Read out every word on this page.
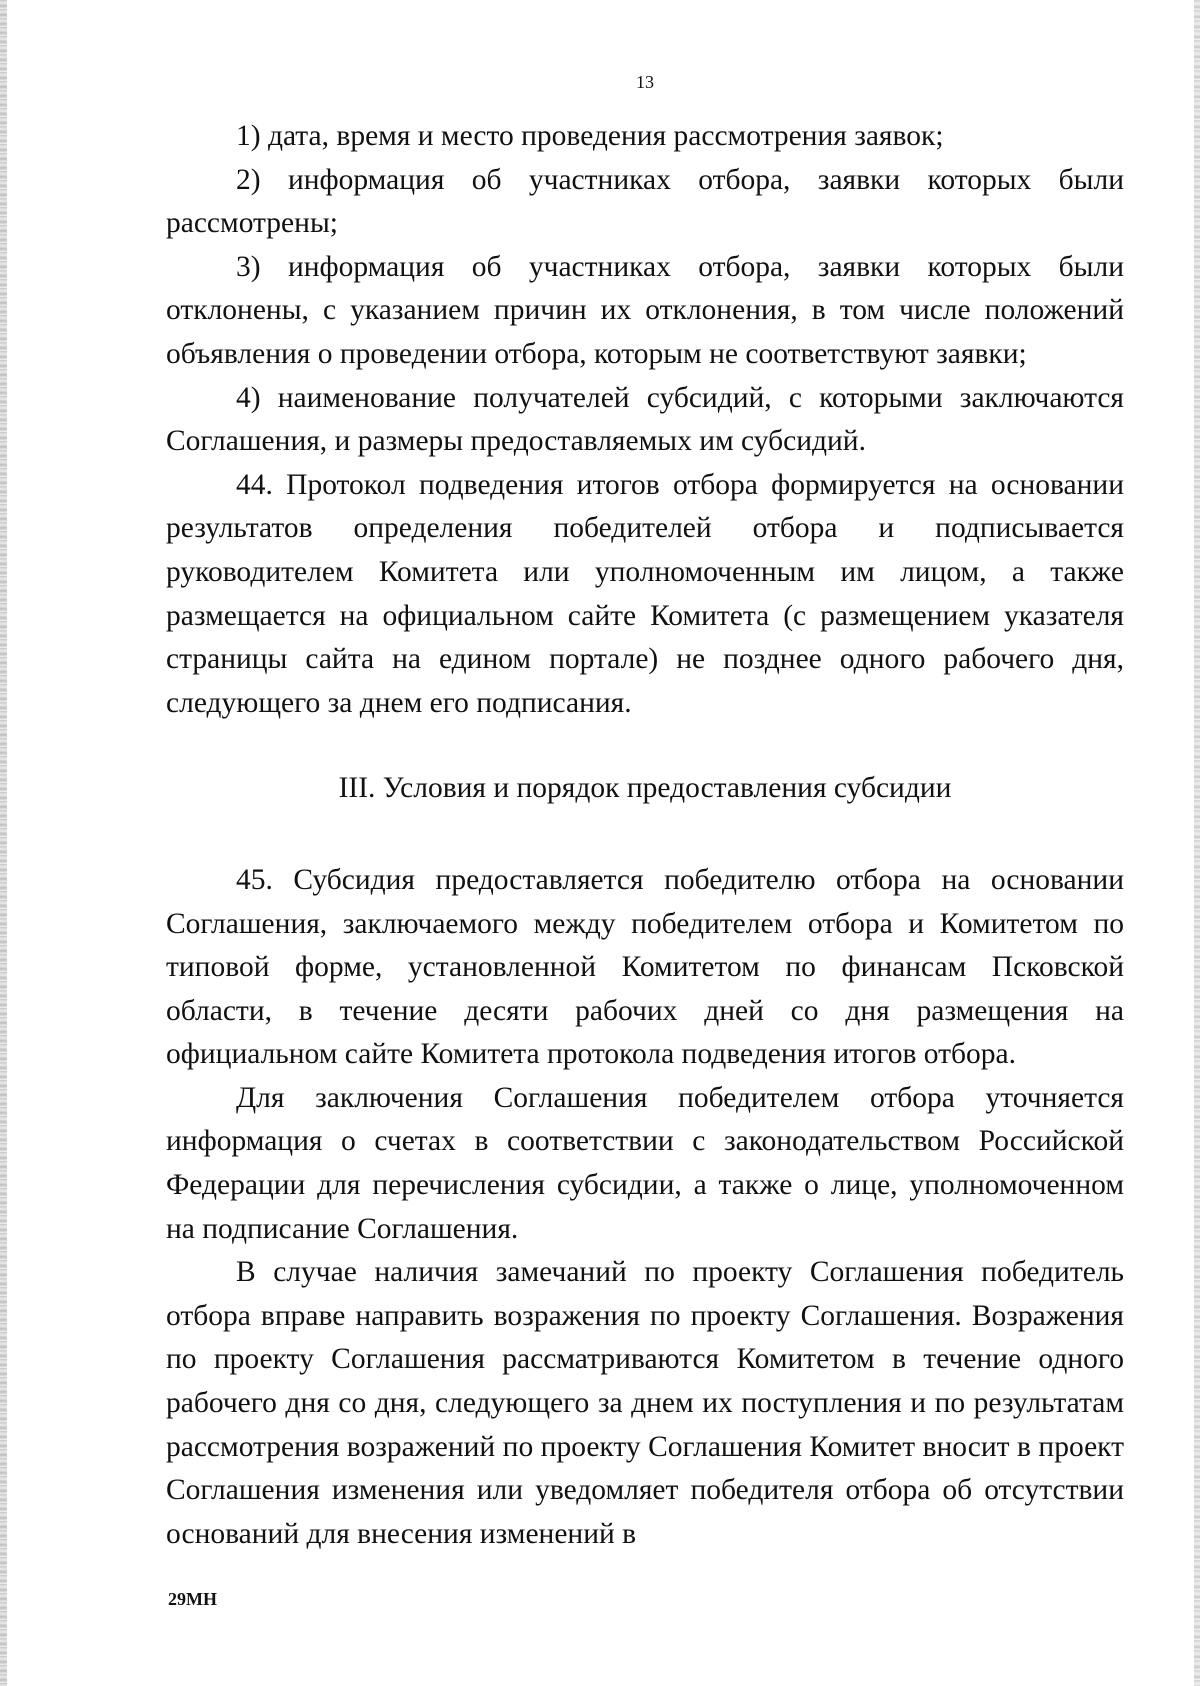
13

1) дата, время и место проведения рассмотрения заявок;

2) информация об участниках отбора, заявки которых были рассмотрены;

3) информация об участниках отбора, заявки которых были отклонены, с указанием причин их отклонения, в том числе положений объявления о проведении отбора, которым не соответствуют заявки;

4) наименование получателей субсидий, с которыми заключаются Соглашения, и размеры предоставляемых им субсидий.

44. Протокол подведения итогов отбора формируется на основании результатов определения победителей отбора и подписывается руководителем Комитета или уполномоченным им лицом, а также размещается на официальном сайте Комитета (с размещением указателя страницы сайта на едином портале) не позднее одного рабочего дня, следующего за днем его подписания.

III. Условия и порядок предоставления субсидии

45. Субсидия предоставляется победителю отбора на основании Соглашения, заключаемого между победителем отбора и Комитетом по типовой форме, установленной Комитетом по финансам Псковской области, в течение десяти рабочих дней со дня размещения на официальном сайте Комитета протокола подведения итогов отбора.

Для заключения Соглашения победителем отбора уточняется информация о счетах в соответствии с законодательством Российской Федерации для перечисления субсидии, а также о лице, уполномоченном на подписание Соглашения.

В случае наличия замечаний по проекту Соглашения победитель отбора вправе направить возражения по проекту Соглашения. Возражения по проекту Соглашения рассматриваются Комитетом в течение одного рабочего дня со дня, следующего за днем их поступления и по результатам рассмотрения возражений по проекту Соглашения Комитет вносит в проект Соглашения изменения или уведомляет победителя отбора об отсутствии оснований для внесения изменений в

29МН
